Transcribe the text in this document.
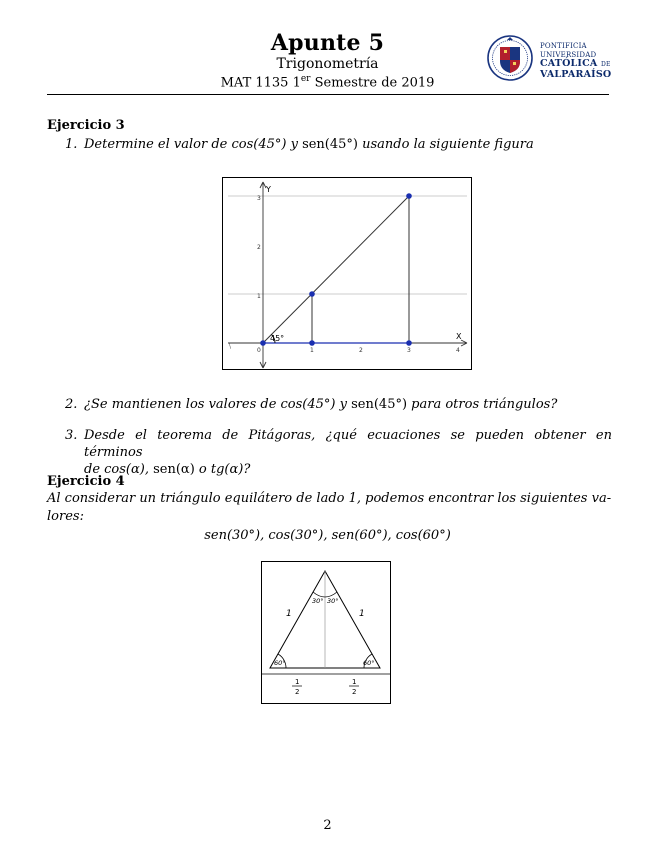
Apunte 5
Trigonometría
MAT 1135 1er Semestre de 2019
PONTIFICIA
UNIVERSIDAD
CATÓLICA DE
VALPARAÍSO
Ejercicio 3
1. Determine el valor de cos(45°) y sen(45°) usando la siguiente figura
45°
Y
X
3
2
1
0	1	2	3	4
\
2. ¿Se mantienen los valores de cos(45°) y sen(45°) para otros triángulos?
3. Desde el teorema de Pitágoras, ¿qué ecuaciones se pueden obtener en términos
de cos(α), sen(α) o tg(α)?
Ejercicio 4
Al considerar un triángulo equilátero de lado 1, podemos encontrar los siguientes va-
lores:
sen(30°), cos(30°), sen(60°), cos(60°)
30° 30°
60°	60°
1	1
1
2
1
2
2
